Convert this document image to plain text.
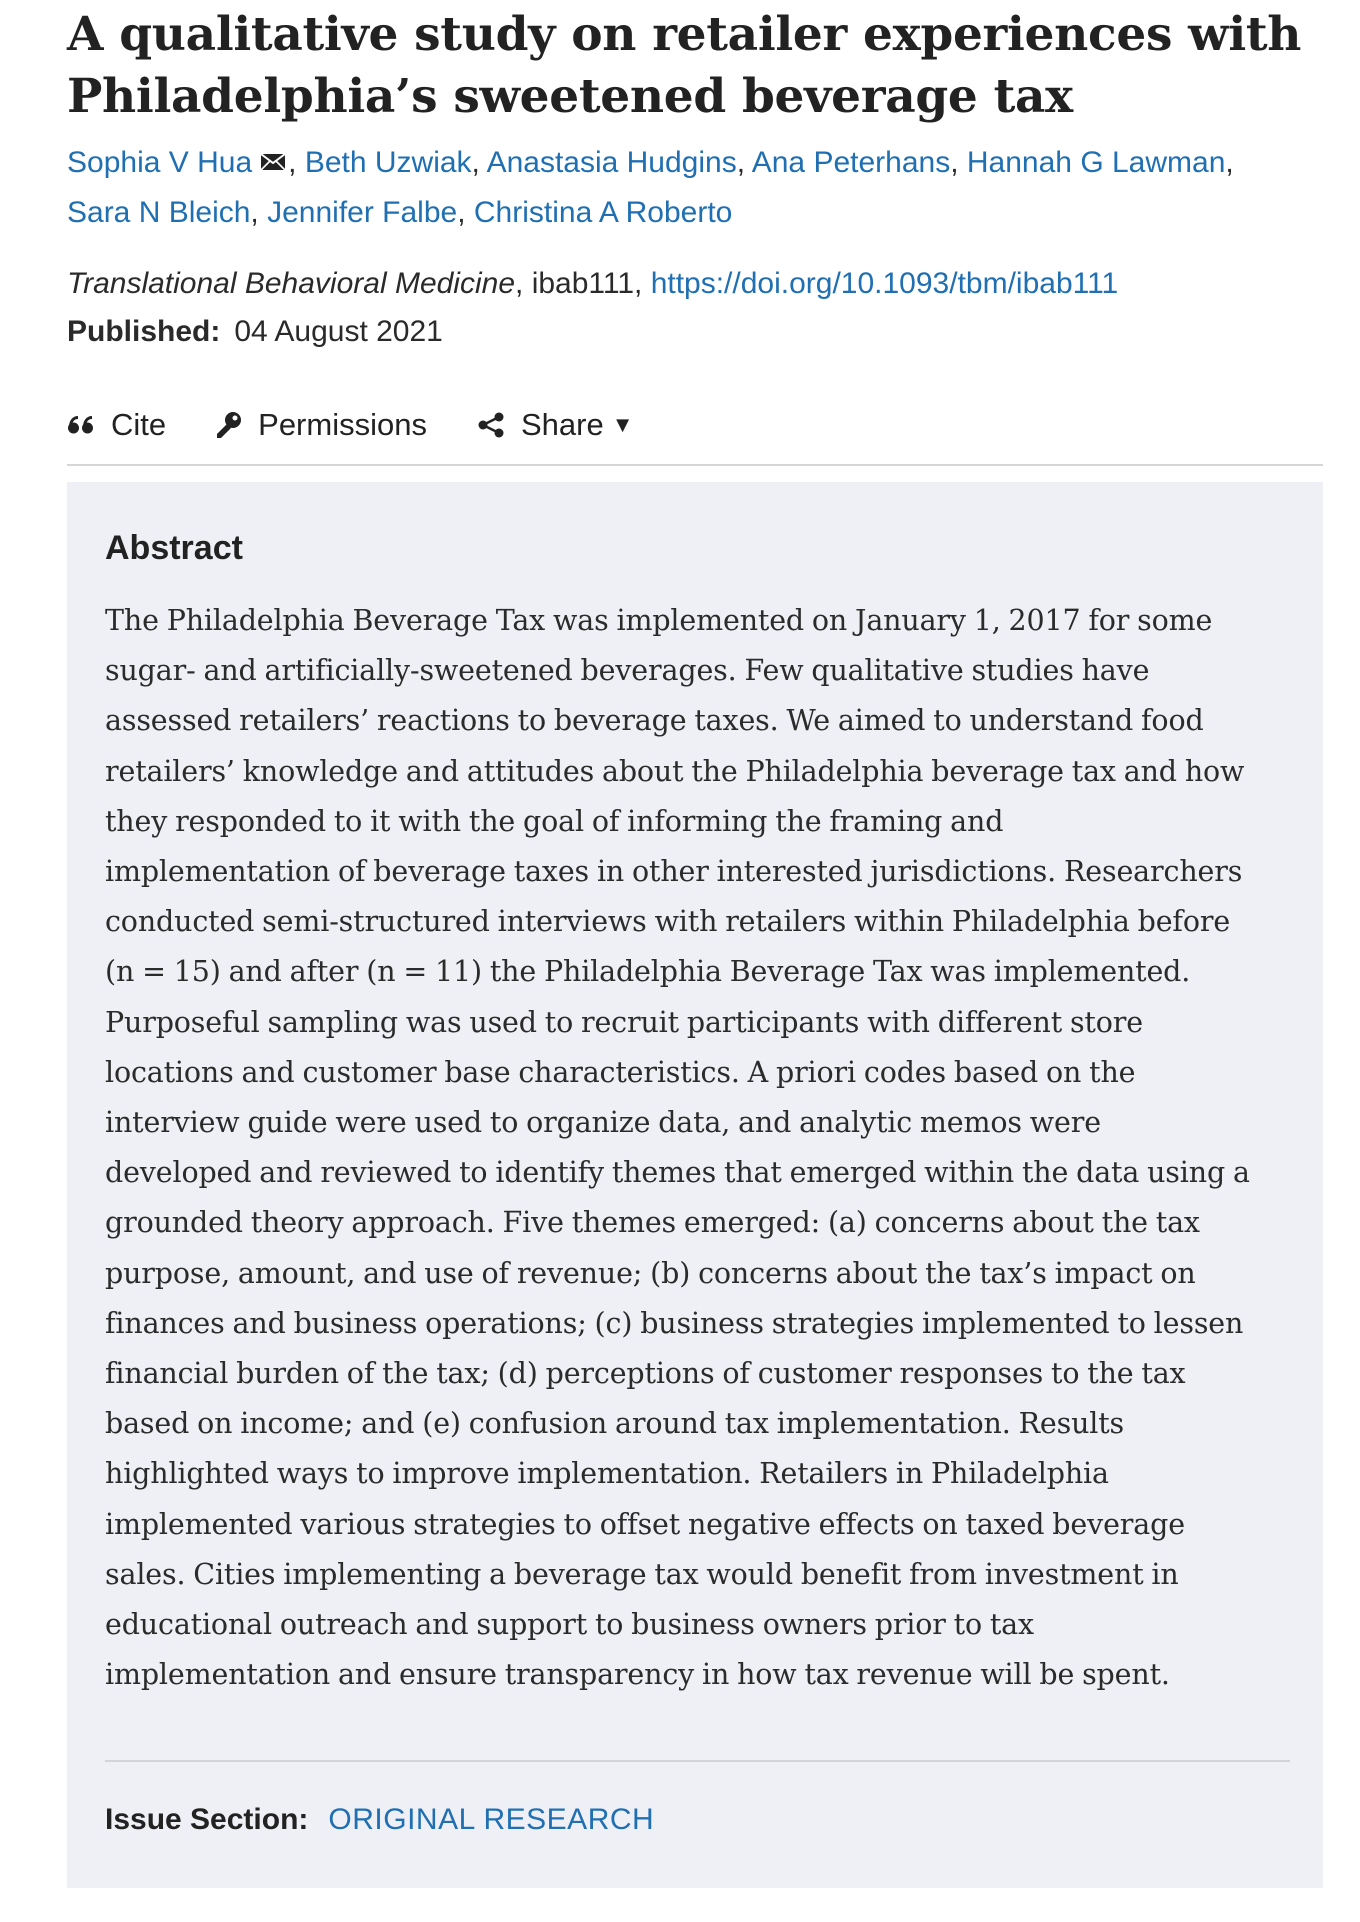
A qualitative study on retailer experiences with Philadelphia’s sweetened beverage tax
Sophia V Hua , Beth Uzwiak, Anastasia Hudgins, Ana Peterhans, Hannah G Lawman,
Sara N Bleich, Jennifer Falbe, Christina A Roberto
Translational Behavioral Medicine, ibab111, https://doi.org/10.1093/tbm/ibab111
Published: 04 August 2021
Cite	Permissions	Share ▼
Abstract
The Philadelphia Beverage Tax was implemented on January 1, 2017 for some
sugar- and artificially-sweetened beverages. Few qualitative studies have
assessed retailers’ reactions to beverage taxes. We aimed to understand food
retailers’ knowledge and attitudes about the Philadelphia beverage tax and how
they responded to it with the goal of informing the framing and
implementation of beverage taxes in other interested jurisdictions. Researchers
conducted semi-structured interviews with retailers within Philadelphia before
(n = 15) and after (n = 11) the Philadelphia Beverage Tax was implemented.
Purposeful sampling was used to recruit participants with different store
locations and customer base characteristics. A priori codes based on the
interview guide were used to organize data, and analytic memos were
developed and reviewed to identify themes that emerged within the data using a
grounded theory approach. Five themes emerged: (a) concerns about the tax
purpose, amount, and use of revenue; (b) concerns about the tax’s impact on
finances and business operations; (c) business strategies implemented to lessen
financial burden of the tax; (d) perceptions of customer responses to the tax
based on income; and (e) confusion around tax implementation. Results
highlighted ways to improve implementation. Retailers in Philadelphia
implemented various strategies to offset negative effects on taxed beverage
sales. Cities implementing a beverage tax would benefit from investment in
educational outreach and support to business owners prior to tax
implementation and ensure transparency in how tax revenue will be spent.
Issue Section: ORIGINAL RESEARCH
